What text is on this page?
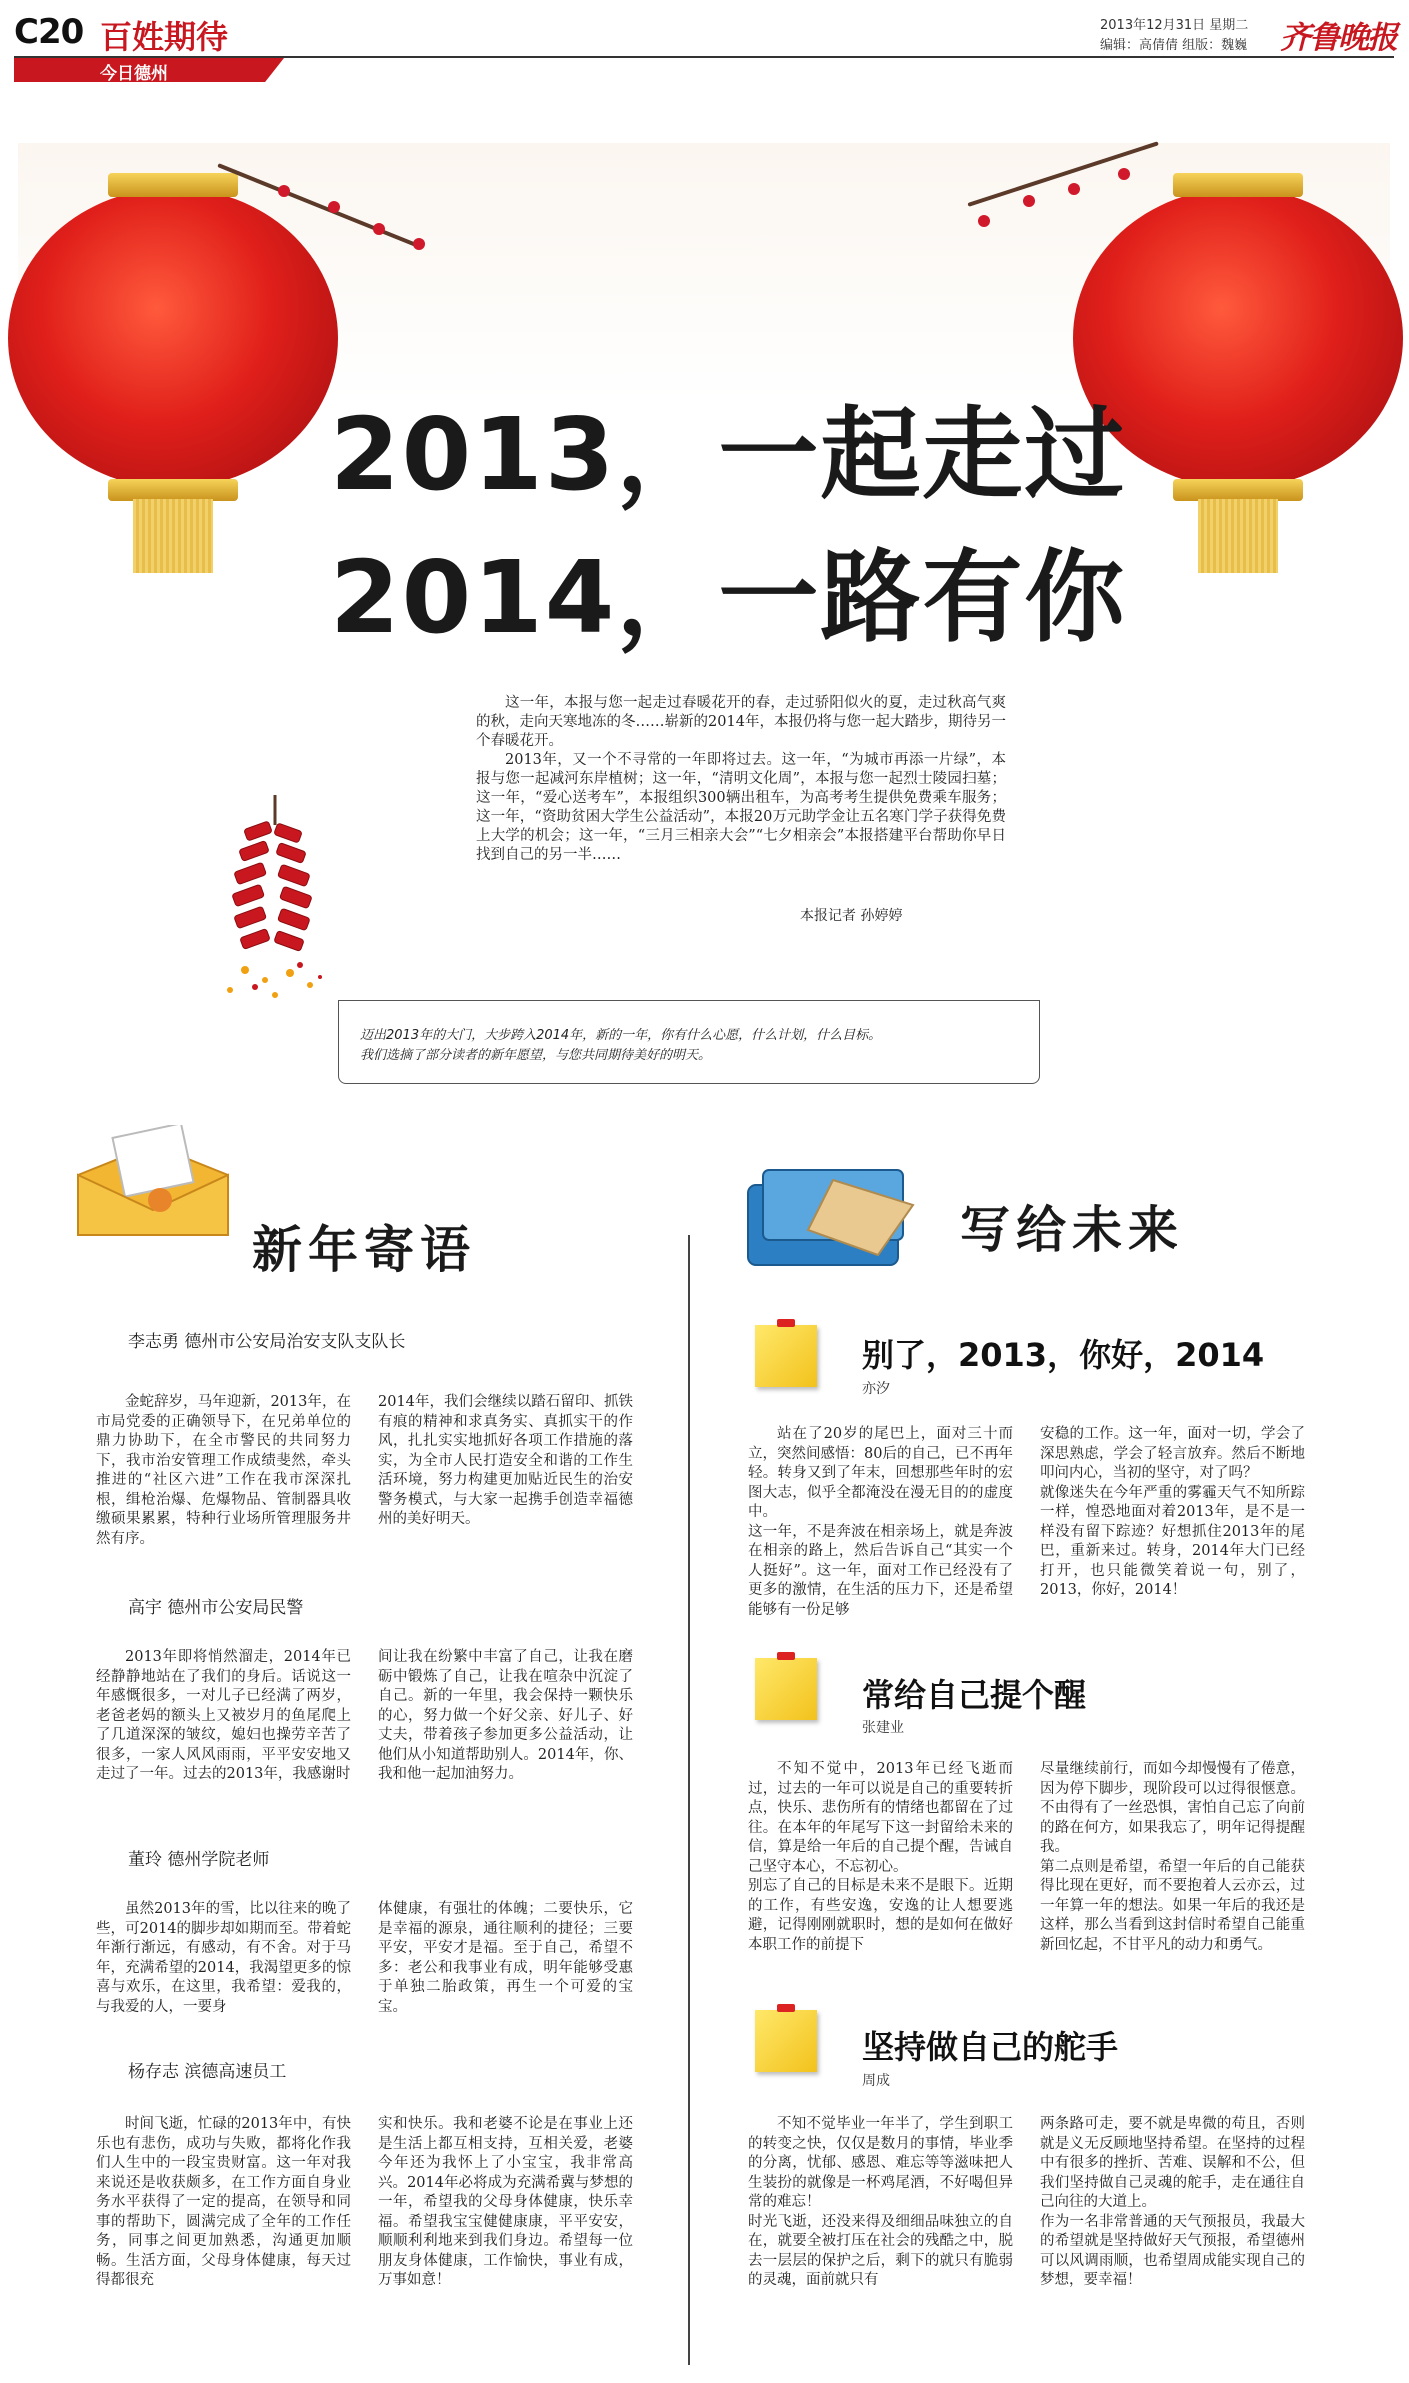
C20 百姓期待
今日德州
2013年12月31日 星期二
编辑：高倩倩 组版：魏巍 齐鲁晚报
2013，一起走过
2014，一路有你

这一年，本报与您一起走过春暖花开的春，走过骄阳似火的夏，走过秋高气爽的秋，走向天寒地冻的冬……崭新的2014年，本报仍将与您一起大踏步，期待另一个春暖花开。

2013年，又一个不寻常的一年即将过去。这一年，“为城市再添一片绿”，本报与您一起减河东岸植树；这一年，“清明文化周”，本报与您一起烈士陵园扫墓；这一年，“爱心送考车”，本报组织300辆出租车，为高考考生提供免费乘车服务；这一年，“资助贫困大学生公益活动”，本报20万元助学金让五名寒门学子获得免费上大学的机会；这一年，“三月三相亲大会”“七夕相亲会”本报搭建平台帮助你早日找到自己的另一半……

本报记者 孙婷婷
迈出2013年的大门，大步跨入2014年，新的一年，你有什么心愿，什么计划，什么目标。
我们选摘了部分读者的新年愿望，与您共同期待美好的明天。
新年寄语	写给未来
李志勇 德州市公安局治安支队支队长

金蛇辞岁，马年迎新，2013年，在市局党委的正确领导下，在兄弟单位的鼎力协助下，在全市警民的共同努力下，我市治安管理工作成绩斐然，牵头推进的“社区六进”工作在我市深深扎根，缉枪治爆、危爆物品、管制器具收缴硕果累累，特种行业场所管理服务井然有序。

2014年，我们会继续以踏石留印、抓铁有痕的精神和求真务实、真抓实干的作风，扎扎实实地抓好各项工作措施的落实，为全市人民打造安全和谐的工作生活环境，努力构建更加贴近民生的治安警务模式，与大家一起携手创造幸福德州的美好明天。

高宇 德州市公安局民警

2013年即将悄然溜走，2014年已经静静地站在了我们的身后。话说这一年感慨很多，一对儿子已经满了两岁，老爸老妈的额头上又被岁月的鱼尾爬上了几道深深的皱纹，媳妇也操劳辛苦了很多，一家人风风雨雨，平平安安地又走过了一年。过去的2013年，我感谢时

间让我在纷繁中丰富了自己，让我在磨砺中锻炼了自己，让我在喧杂中沉淀了自己。新的一年里，我会保持一颗快乐的心，努力做一个好父亲、好儿子、好丈夫，带着孩子参加更多公益活动，让他们从小知道帮助别人。2014年，你、我和他一起加油努力。

董玲 德州学院老师

虽然2013年的雪，比以往来的晚了些，可2014的脚步却如期而至。带着蛇年渐行渐远，有感动，有不舍。对于马年，充满希望的2014，我渴望更多的惊喜与欢乐，在这里，我希望：爱我的，与我爱的人，一要身

体健康，有强壮的体魄；二要快乐，它是幸福的源泉，通往顺利的捷径；三要平安，平安才是福。至于自己，希望不多：老公和我事业有成，明年能够受惠于单独二胎政策，再生一个可爱的宝宝。

杨存志 滨德高速员工

时间飞逝，忙碌的2013年中，有快乐也有悲伤，成功与失败，都将化作我们人生中的一段宝贵财富。这一年对我来说还是收获颇多，在工作方面自身业务水平获得了一定的提高，在领导和同事的帮助下，圆满完成了全年的工作任务，同事之间更加熟悉，沟通更加顺畅。生活方面，父母身体健康，每天过得都很充

实和快乐。我和老婆不论是在事业上还是生活上都互相支持，互相关爱，老婆今年还为我怀上了小宝宝，我非常高兴。2014年必将成为充满希冀与梦想的一年，希望我的父母身体健康，快乐幸福。希望我宝宝健健康康，平平安安，顺顺利利地来到我们身边。希望每一位朋友身体健康，工作愉快，事业有成，万事如意！

别了，2013，你好，2014
亦汐

站在了20岁的尾巴上，面对三十而立，突然间感悟：80后的自己，已不再年轻。转身又到了年末，回想那些年时的宏图大志，似乎全都淹没在漫无目的的虚度中。
这一年，不是奔波在相亲场上，就是奔波在相亲的路上，然后告诉自己“其实一个人挺好”。这一年，面对工作已经没有了更多的激情，在生活的压力下，还是希望能够有一份足够

安稳的工作。这一年，面对一切，学会了深思熟虑，学会了轻言放弃。然后不断地叩问内心，当初的坚守，对了吗？
就像迷失在今年严重的雾霾天气不知所踪一样，惶恐地面对着2013年，是不是一样没有留下踪迹？好想抓住2013年的尾巴，重新来过。转身，2014年大门已经打开，也只能微笑着说一句，别了，2013，你好，2014！

常给自己提个醒
张建业

不知不觉中，2013年已经飞逝而过，过去的一年可以说是自己的重要转折点，快乐、悲伤所有的情绪也都留在了过往。在本年的年尾写下这一封留给未来的信，算是给一年后的自己提个醒，告诫自己坚守本心，不忘初心。
别忘了自己的目标是未来不是眼下。近期的工作，有些安逸，安逸的让人想要逃避，记得刚刚就职时，想的是如何在做好本职工作的前提下

尽量继续前行，而如今却慢慢有了倦意，因为停下脚步，现阶段可以过得很惬意。不由得有了一丝恐惧，害怕自己忘了向前的路在何方，如果我忘了，明年记得提醒我。
第二点则是希望，希望一年后的自己能获得比现在更好，而不要抱着人云亦云，过一年算一年的想法。如果一年后的我还是这样，那么当看到这封信时希望自己能重新回忆起，不甘平凡的动力和勇气。

坚持做自己的舵手
周成

不知不觉毕业一年半了，学生到职工的转变之快，仅仅是数月的事情，毕业季的分离，忧郁、感恩、难忘等等滋味把人生装扮的就像是一杯鸡尾酒，不好喝但异常的难忘！
时光飞逝，还没来得及细细品味独立的自在，就要全被打压在社会的残酷之中，脱去一层层的保护之后，剩下的就只有脆弱的灵魂，面前就只有

两条路可走，要不就是卑微的苟且，否则就是义无反顾地坚持希望。在坚持的过程中有很多的挫折、苦难、误解和不公，但我们坚持做自己灵魂的舵手，走在通往自己向往的大道上。
作为一名非常普通的天气预报员，我最大的希望就是坚持做好天气预报，希望德州可以风调雨顺，也希望周成能实现自己的梦想，要幸福！
